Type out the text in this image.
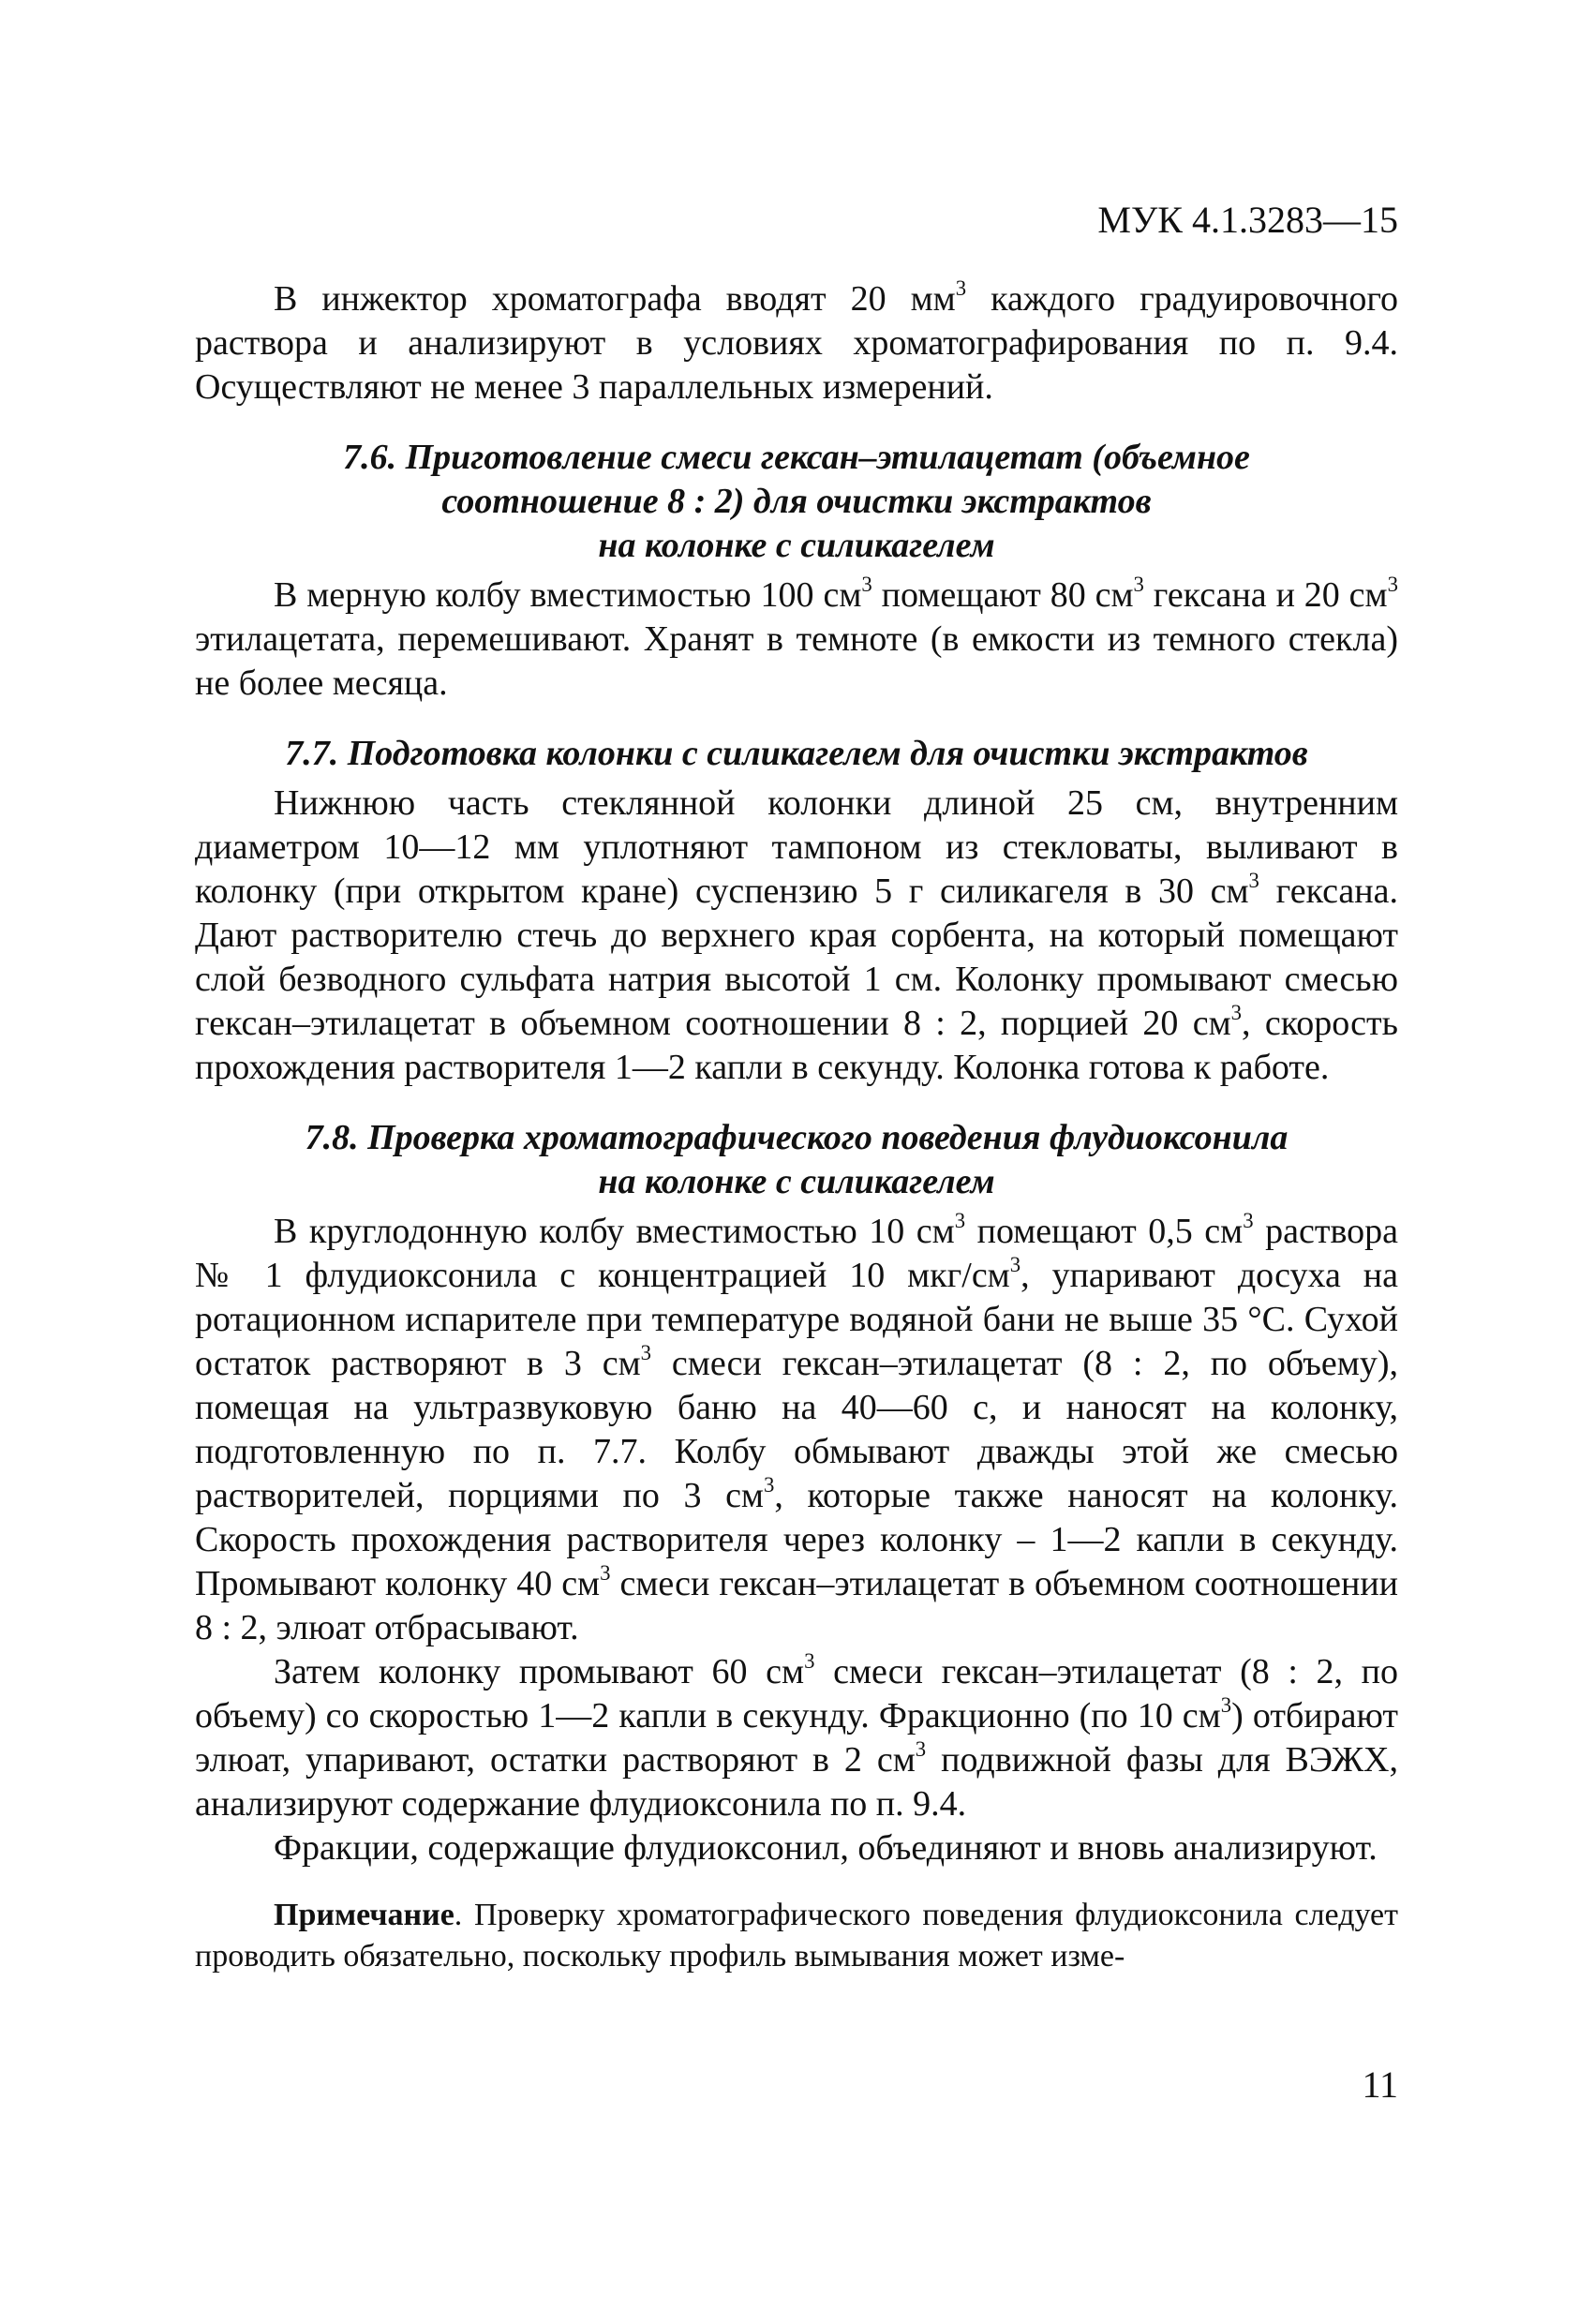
МУК 4.1.3283—15

В инжектор хроматографа вводят 20 $мм^3$ каждого градуировочного раствора и анализируют в условиях хроматографирования по п. 9.4. Осуществляют не менее 3 параллельных измерений.

7.6. Приготовление смеси гексан–этилацетат (объемное
соотношение 8 : 2) для очистки экстрактов
на колонке с силикагелем

В мерную колбу вместимостью 100 $см^3$ помещают 80 $см^3$ гексана и 20 $см^3$ этилацетата, перемешивают. Хранят в темноте (в емкости из темного стекла) не более месяца.

7.7. Подготовка колонки с силикагелем для очистки экстрактов

Нижнюю часть стеклянной колонки длиной 25 см, внутренним диаметром 10—12 мм уплотняют тампоном из стекловаты, выливают в колонку (при открытом кране) суспензию 5 г силикагеля в 30 $см^3$ гексана. Дают растворителю стечь до верхнего края сорбента, на который помещают слой безводного сульфата натрия высотой 1 см. Колонку промывают смесью гексан–этилацетат в объемном соотношении 8 : 2, порцией 20 $см^3$, скорость прохождения растворителя 1—2 капли в секунду. Колонка готова к работе.

7.8. Проверка хроматографического поведения флудиоксонила
на колонке с силикагелем

В круглодонную колбу вместимостью 10 $см^3$ помещают 0,5 $см^3$ раствора № 1 флудиоксонила с концентрацией 10 мкг/$см^3$, упаривают досуха на ротационном испарителе при температуре водяной бани не выше 35 °С. Сухой остаток растворяют в 3 $см^3$ смеси гексан–этилацетат (8 : 2, по объему), помещая на ультразвуковую баню на 40—60 с, и наносят на колонку, подготовленную по п. 7.7. Колбу обмывают дважды этой же смесью растворителей, порциями по 3 $см^3$, которые также наносят на колонку. Скорость прохождения растворителя через колонку – 1—2 капли в секунду. Промывают колонку 40 $см^3$ смеси гексан–этилацетат в объемном соотношении 8 : 2, элюат отбрасывают.

Затем колонку промывают 60 $см^3$ смеси гексан–этилацетат (8 : 2, по объему) со скоростью 1—2 капли в секунду. Фракционно (по 10 $см^3$) отбирают элюат, упаривают, остатки растворяют в 2 $см^3$ подвижной фазы для ВЭЖХ, анализируют содержание флудиоксонила по п. 9.4.

Фракции, содержащие флудиоксонил, объединяют и вновь анализируют.

Примечание. Проверку хроматографического поведения флудиоксонила следует проводить обязательно, поскольку профиль вымывания может изме-
11
